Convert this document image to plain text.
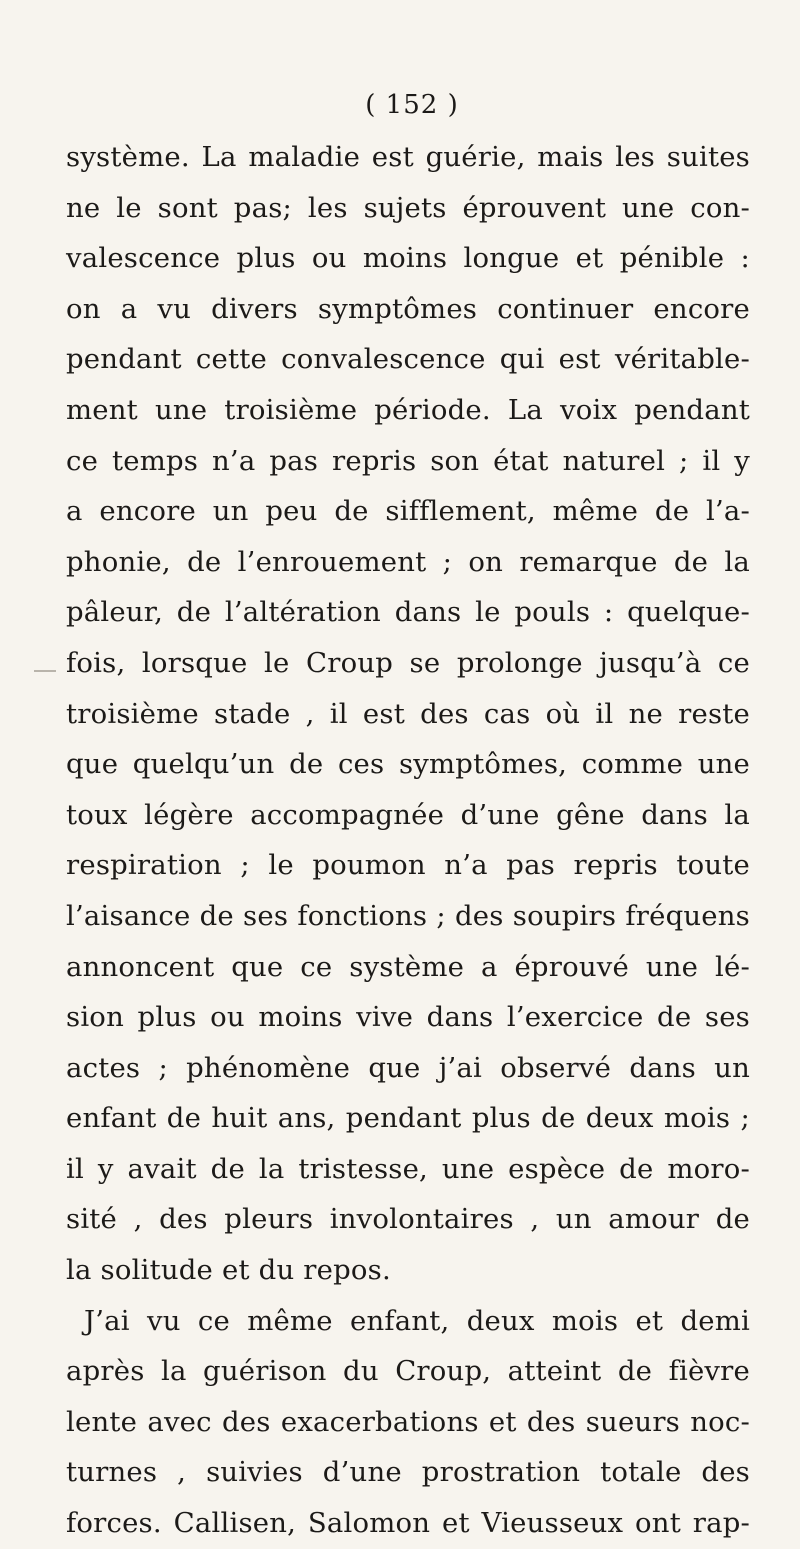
( 152 )
système. La maladie est guérie, mais les suites
ne le sont pas; les sujets éprouvent une con-
valescence plus ou moins longue et pénible :
on a vu divers symptômes continuer encore
pendant cette convalescence qui est véritable-
ment une troisième période. La voix pendant
ce temps n’a pas repris son état naturel ; il y
a encore un peu de sifflement, même de l’a-
phonie, de l’enrouement ; on remarque de la
pâleur, de l’altération dans le pouls : quelque-
fois, lorsque le Croup se prolonge jusqu’à ce
troisième stade , il est des cas où il ne reste
que quelqu’un de ces symptômes, comme une
toux légère accompagnée d’une gêne dans la
respiration ; le poumon n’a pas repris toute
l’aisance de ses fonctions ; des soupirs fréquens
annoncent que ce système a éprouvé une lé-
sion plus ou moins vive dans l’exercice de ses
actes ; phénomène que j’ai observé dans un
enfant de huit ans, pendant plus de deux mois ;
il y avait de la tristesse, une espèce de moro-
sité , des pleurs involontaires , un amour de
la solitude et du repos.
J’ai vu ce même enfant, deux mois et demi
après la guérison du Croup, atteint de fièvre
lente avec des exacerbations et des sueurs noc-
turnes , suivies d’une prostration totale des
forces. Callisen, Salomon et Vieusseux ont rap-
